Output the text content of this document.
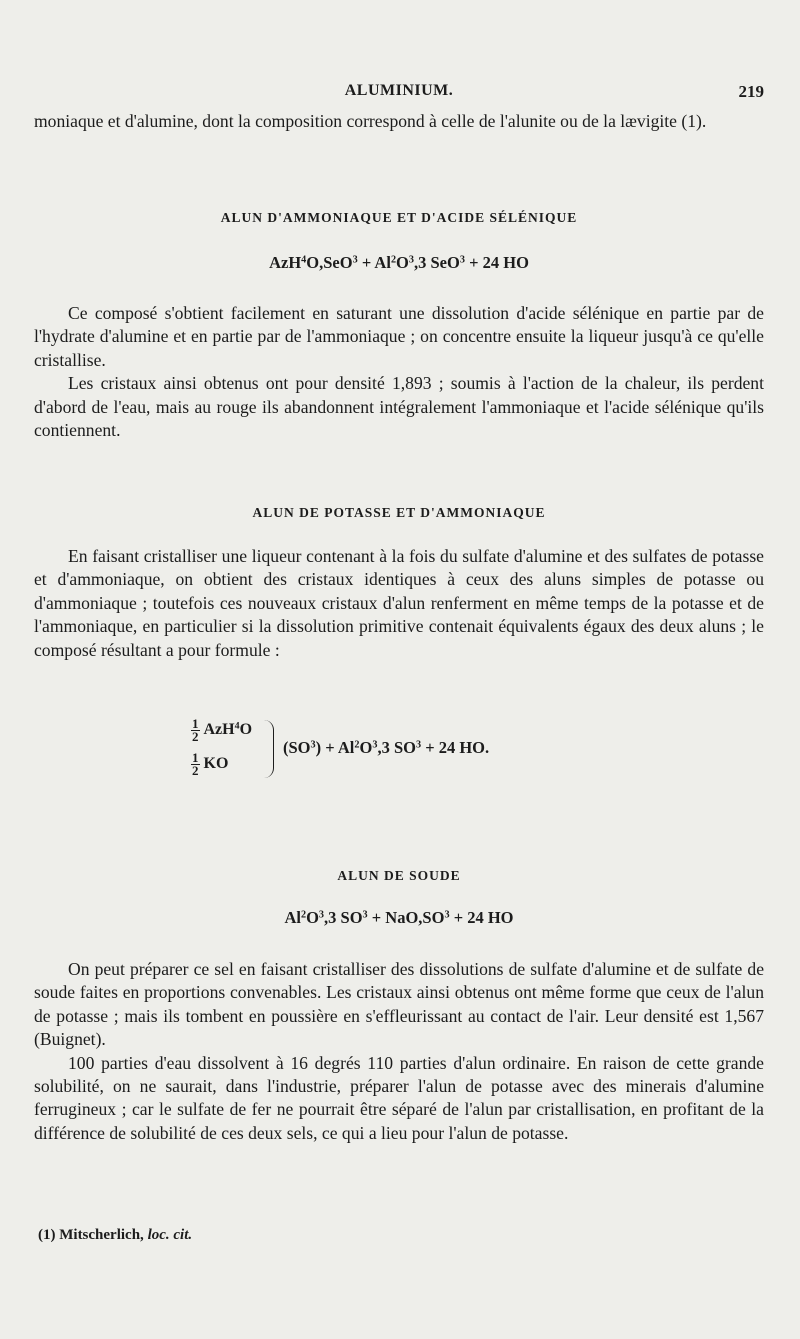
ALUMINIUM.	219

moniaque et d'alumine, dont la composition correspond à celle de l'alunite ou de la lævigite (1).

ALUN D'AMMONIAQUE ET D'ACIDE SÉLÉNIQUE
$AzH^4O,SeO^3 + Al^2O^3,3$ SeO$^3$ + 24 HO

Ce composé s'obtient facilement en saturant une dissolution d'acide sélénique en partie par de l'hydrate d'alumine et en partie par de l'ammoniaque ; on concentre ensuite la liqueur jusqu'à ce qu'elle cristallise.

Les cristaux ainsi obtenus ont pour densité 1,893 ; soumis à l'action de la chaleur, ils perdent d'abord de l'eau, mais au rouge ils abandonnent intégralement l'ammoniaque et l'acide sélénique qu'ils contiennent.

ALUN DE POTASSE ET D'AMMONIAQUE

En faisant cristalliser une liqueur contenant à la fois du sulfate d'alumine et des sulfates de potasse et d'ammoniaque, on obtient des cristaux identiques à ceux des aluns simples de potasse ou d'ammoniaque ; toutefois ces nouveaux cristaux d'alun renferment en même temps de la potasse et de l'ammoniaque, en particulier si la dissolution primitive contenait équivalents égaux des deux aluns ; le composé résultant a pour formule :

$\frac{1}{2} AzH^4O$
$\frac{1}{2}$ KO
$(SO^3) + Al^2O^3,3$ $SO^3 + 24$ HO.
ALUN DE SOUDE
$Al^2O^3,3$ $SO^3 + NaO,SO^3 + 24$ HO

On peut préparer ce sel en faisant cristalliser des dissolutions de sulfate d'alumine et de sulfate de soude faites en proportions convenables. Les cristaux ainsi obtenus ont même forme que ceux de l'alun de potasse ; mais ils tombent en poussière en s'effleurissant au contact de l'air. Leur densité est 1,567 (Buignet).

100 parties d'eau dissolvent à 16 degrés 110 parties d'alun ordinaire. En raison de cette grande solubilité, on ne saurait, dans l'industrie, préparer l'alun de potasse avec des minerais d'alumine ferrugineux ; car le sulfate de fer ne pourrait être séparé de l'alun par cristallisation, en profitant de la différence de solubilité de ces deux sels, ce qui a lieu pour l'alun de potasse.

(1) Mitscherlich, loc. cit.
